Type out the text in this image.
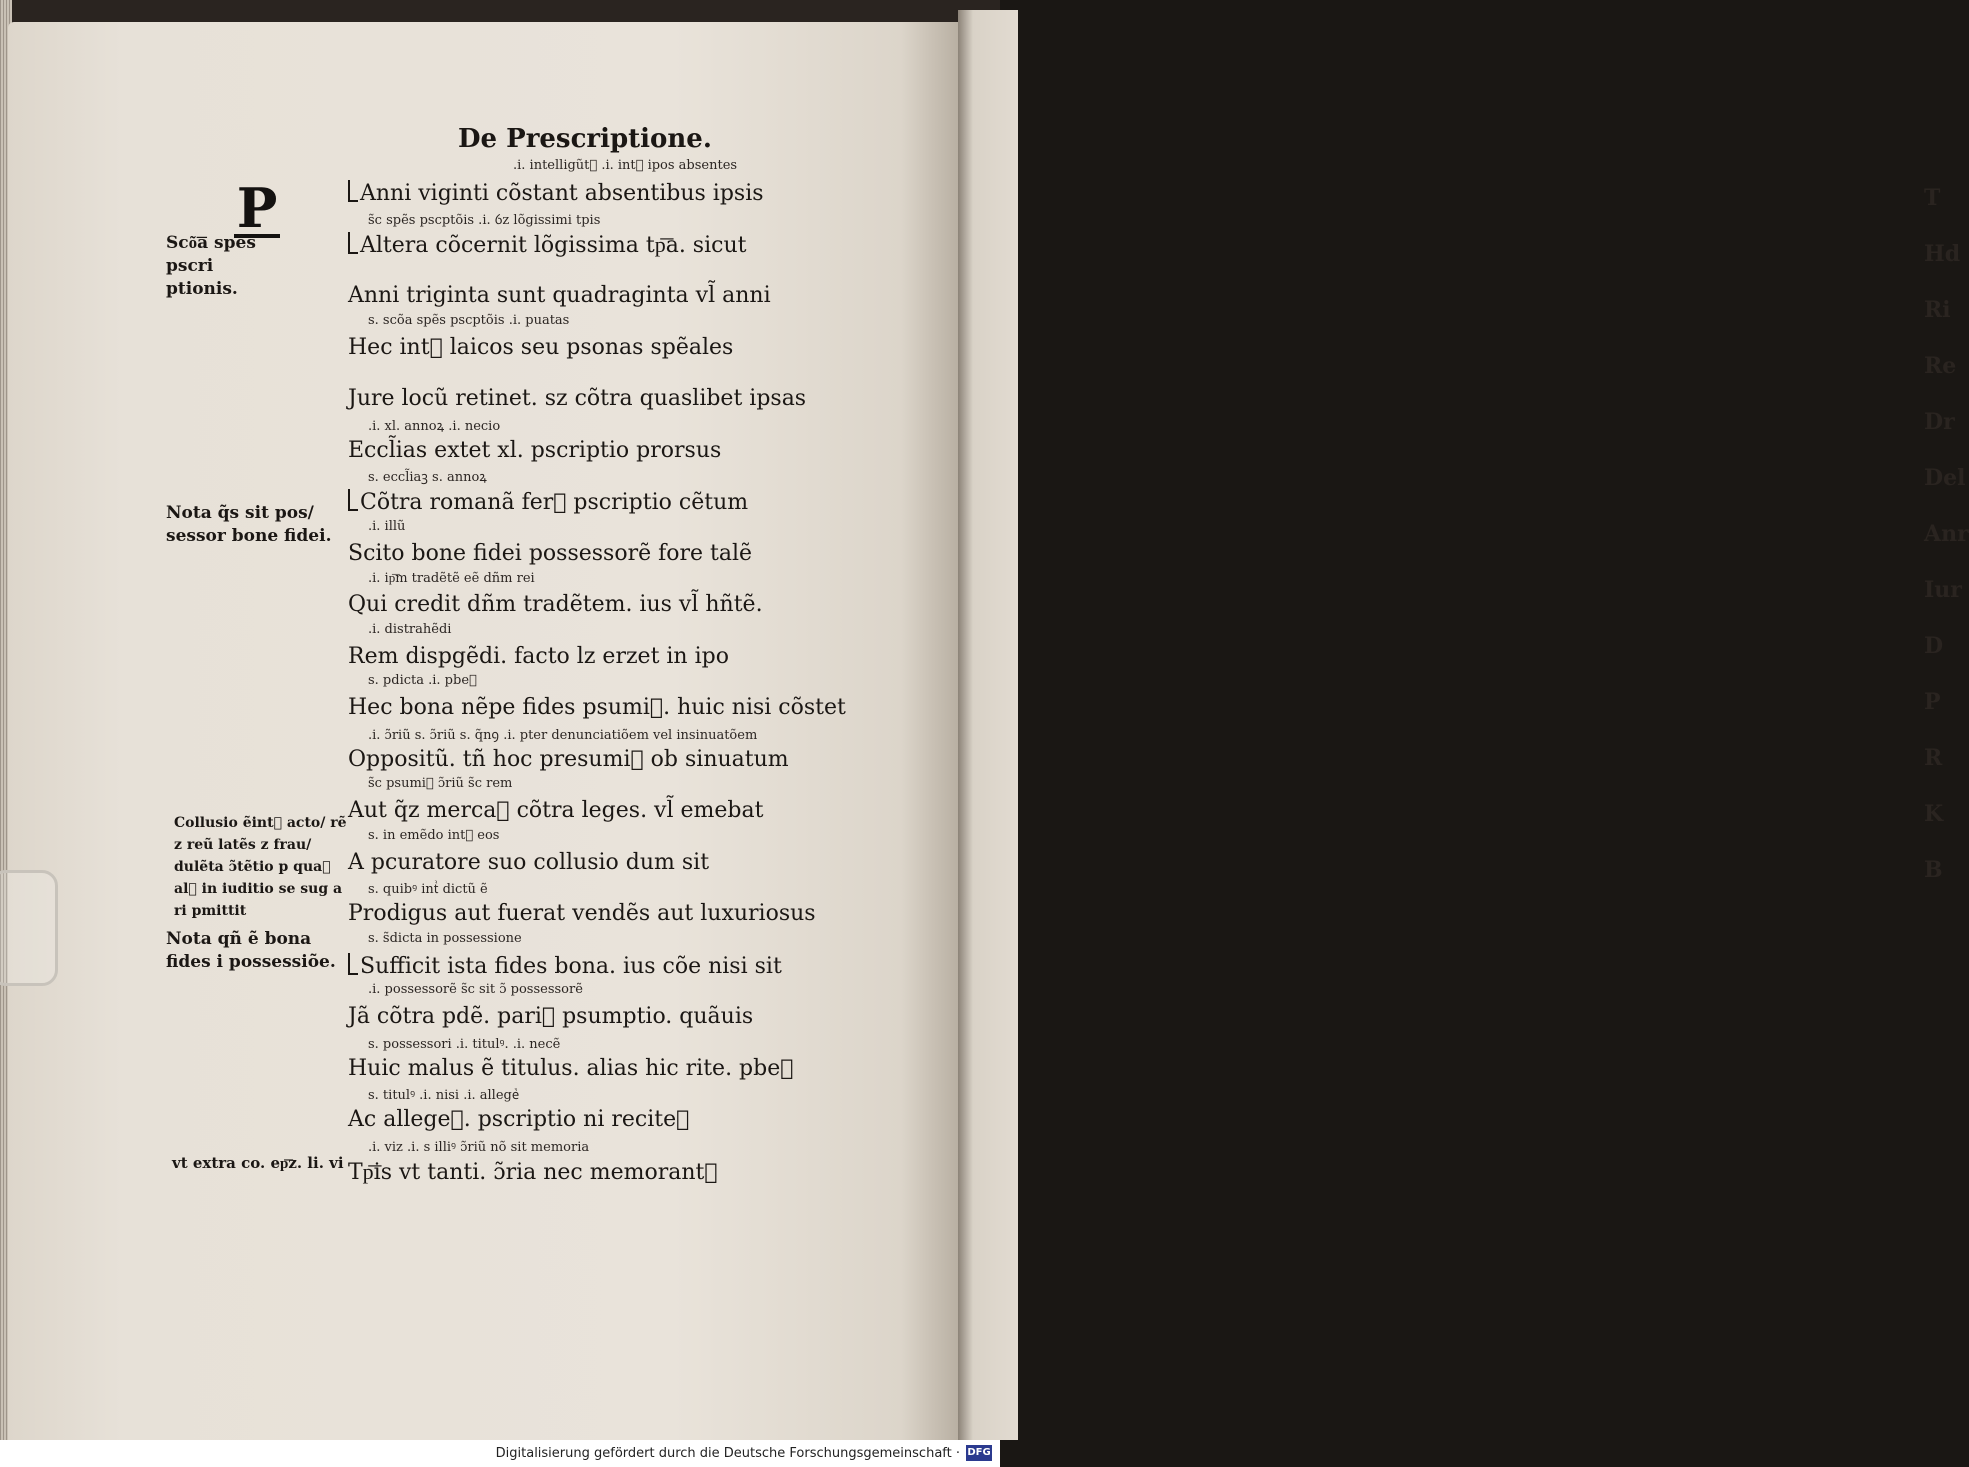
T
Hd
Ri
Re
Dr
Del
Anr
Iur
D
P
R
K
B
De Prescriptione.
P
.i. intelligũtᷣ .i. intᷣ ipos absentes
Anni viginti cõstant absentibus ipsis
s̃c spẽs pscptõis .i. ỽz lõgissimi tpis
Altera cõcernit lõgissima tp͞a. sicut
Anni triginta sunt quadraginta vl̃ anni
s. scõa spẽs pscptõis .i. puatas
Hec intᷣ laicos seu psonas spẽales
Jure locũ retinet. sz cõtra quaslibet ipsas
.i. xl. annoꝝ .i. necio
Eccl̃ias extet xl. pscriptio prorsus
s. eccl̃iaꝫ s. annoꝝ
Cõtra romanã ferᷣ pscriptio cẽtum
.i. illũ
Scito bone fidei possessorẽ fore talẽ
.i. ip͞m tradẽtẽ eẽ dñm rei
Qui credit dñm tradẽtem. ius vl̃ hñtẽ.
.i. distrahẽdi
Rem dispgẽdi. facto lz erzet in ipo
s. pdicta .i. pbeᷣ
Hec bona nẽpe fides psumiᷣ. huic nisi cõstet
.i. ɔ̃riũ s. ɔ̃riũ s. q̃nꝯ .i. pter denunciatiõem vel insinuatõem
Oppositũ. tñ hoc presumiᷣ ob sinuatum
s̃c psumiᷣ ɔ̃riũ s̃c rem
Aut q̃z mercaᷣ cõtra leges. vl̃ emebat
s. in emẽdo intᷣ eos
A pcuratore suo collusio dum sit
s. quibꝰ intᷣ dictũ ẽ
Prodigus aut fuerat vendẽs aut luxuriosus
s. s̃dicta in possessione
Sufficit ista fides bona. ius cõe nisi sit
.i. possessorẽ s̃c sit ɔ̃ possessorẽ
Jã cõtra pdẽ. pariᷣ psumptio. quãuis
s. possessori .i. titulꝰ. .i. necẽ
Huic malus ẽ titulus. alias hic rite. pbeᷣ
s. titulꝰ .i. nisi .i. allegeᷣ
Ac allegeᷣ. pscriptio ni reciteᷣ
.i. viz .i. s illiꝰ ɔ̃riũ nõ sit memoria
Tp͞is vt tanti. ɔ̃ria nec memorantᷣ
Scõ͞a spẽs pscri ptionis.
Nota q̃s sit pos/ sessor bone fidei.
Collusio ẽintᷣ acto/ rẽ z reũ latẽs z frau/ dulẽta ɔ̃tẽtio p quaꝫ alᷣ in iuditio se sug a ri pmittit
Nota qñ ẽ bona fides i possessiõe.
vt extra co. ep͞z. li. vi
Digitalisierung gefördert durch die Deutsche Forschungsgemeinschaft · DFG
